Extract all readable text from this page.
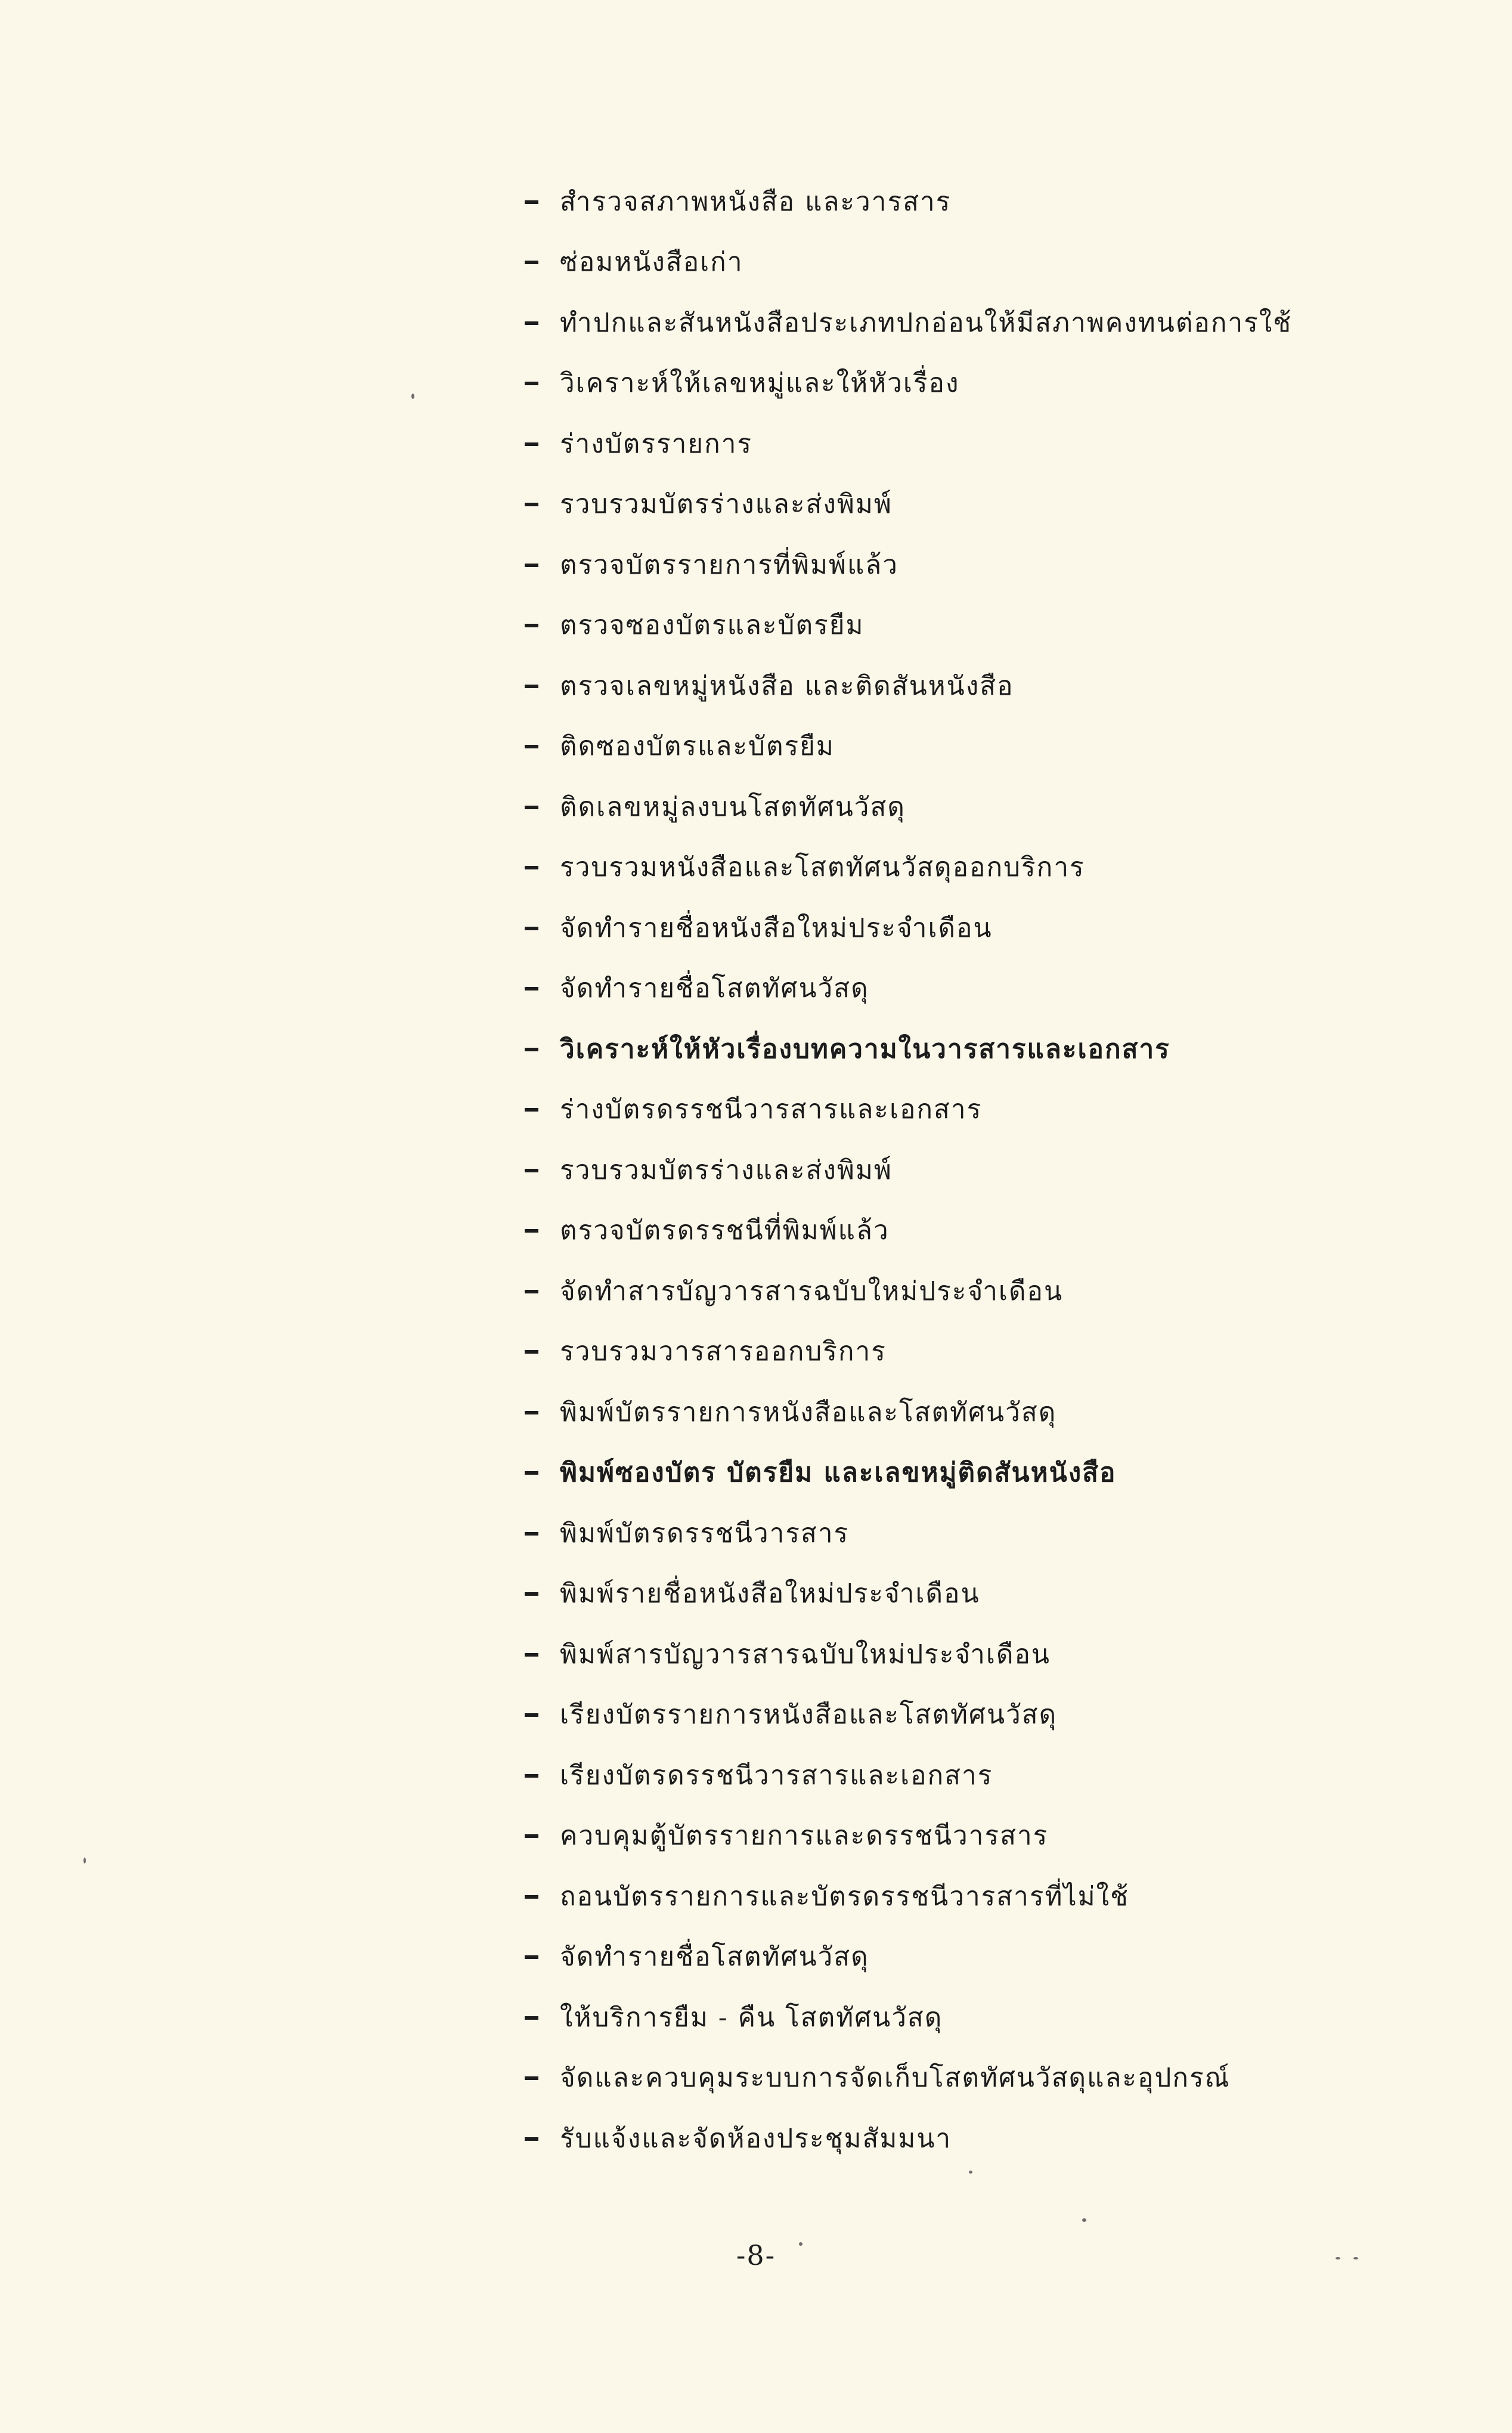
สำรวจสภาพหนังสือ และวารสาร
ซ่อมหนังสือเก่า
ทำปกและสันหนังสือประเภทปกอ่อนให้มีสภาพคงทนต่อการใช้
วิเคราะห์ให้เลขหมู่และให้หัวเรื่อง
ร่างบัตรรายการ
รวบรวมบัตรร่างและส่งพิมพ์
ตรวจบัตรรายการที่พิมพ์แล้ว
ตรวจซองบัตรและบัตรยืม
ตรวจเลขหมู่หนังสือ และติดสันหนังสือ
ติดซองบัตรและบัตรยืม
ติดเลขหมู่ลงบนโสตทัศนวัสดุ
รวบรวมหนังสือและโสตทัศนวัสดุออกบริการ
จัดทำรายชื่อหนังสือใหม่ประจำเดือน
จัดทำรายชื่อโสตทัศนวัสดุ
วิเคราะห์ให้หัวเรื่องบทความในวารสารและเอกสาร
ร่างบัตรดรรชนีวารสารและเอกสาร
รวบรวมบัตรร่างและส่งพิมพ์
ตรวจบัตรดรรชนีที่พิมพ์แล้ว
จัดทำสารบัญวารสารฉบับใหม่ประจำเดือน
รวบรวมวารสารออกบริการ
พิมพ์บัตรรายการหนังสือและโสตทัศนวัสดุ
พิมพ์ซองบัตร บัตรยืม และเลขหมู่ติดสันหนังสือ
พิมพ์บัตรดรรชนีวารสาร
พิมพ์รายชื่อหนังสือใหม่ประจำเดือน
พิมพ์สารบัญวารสารฉบับใหม่ประจำเดือน
เรียงบัตรรายการหนังสือและโสตทัศนวัสดุ
เรียงบัตรดรรชนีวารสารและเอกสาร
ควบคุมตู้บัตรรายการและดรรชนีวารสาร
ถอนบัตรรายการและบัตรดรรชนีวารสารที่ไม่ใช้
จัดทำรายชื่อโสตทัศนวัสดุ
ให้บริการยืม - คืน โสตทัศนวัสดุ
จัดและควบคุมระบบการจัดเก็บโสตทัศนวัสดุและอุปกรณ์
รับแจ้งและจัดห้องประชุมสัมมนา
-8-
